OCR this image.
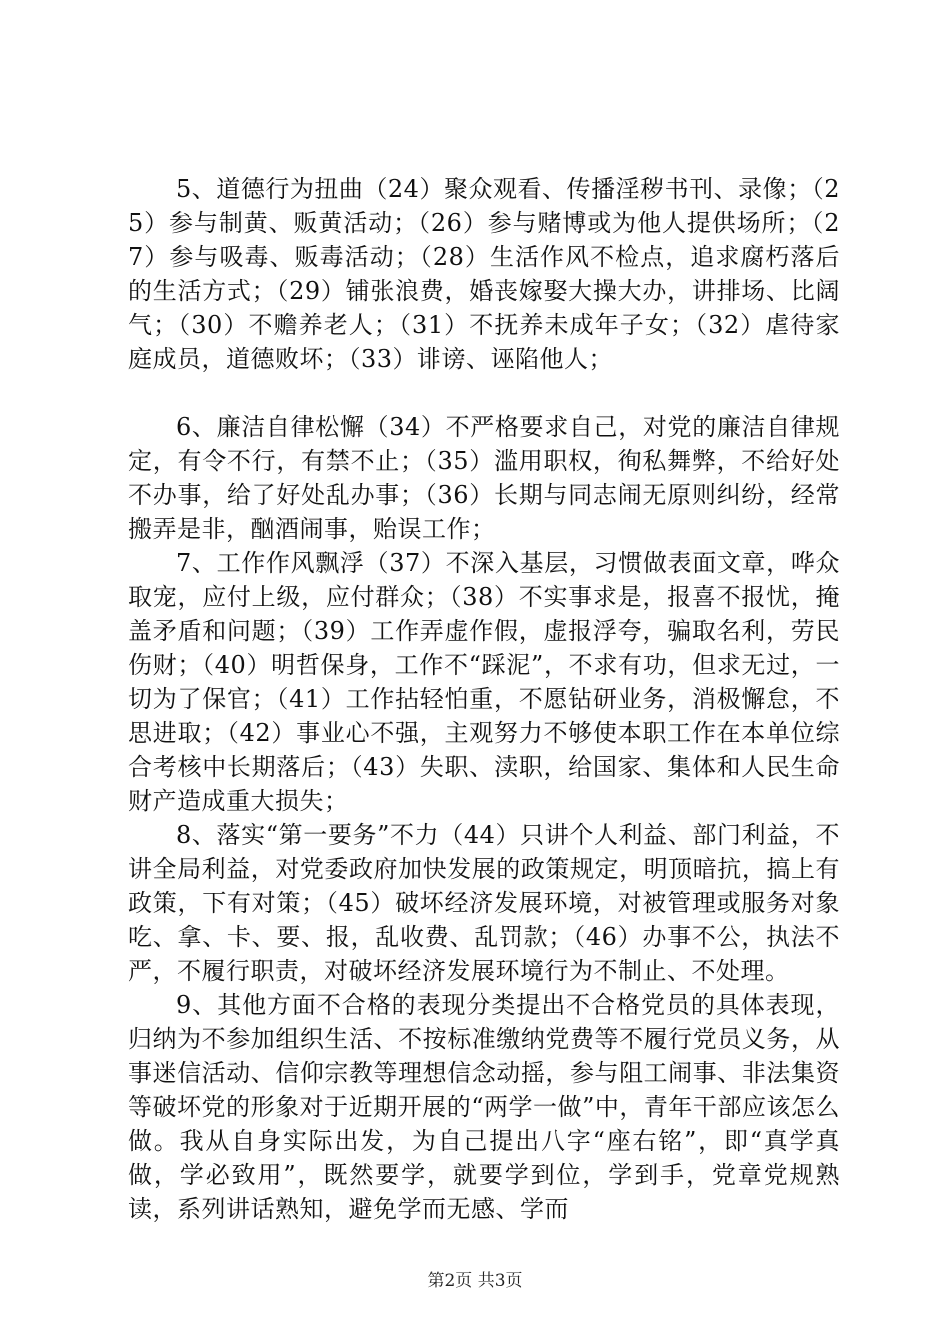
5、道德行为扭曲（24）聚众观看、传播淫秽书刊、录像；（25）参与制黄、贩黄活动；（26）参与赌博或为他人提供场所；（27）参与吸毒、贩毒活动；（28）生活作风不检点，追求腐朽落后的生活方式；（29）铺张浪费，婚丧嫁娶大操大办，讲排场、比阔气；（30）不赡养老人；（31）不抚养未成年子女；（32）虐待家庭成员，道德败坏；（33）诽谤、诬陷他人；

6、廉洁自律松懈（34）不严格要求自己，对党的廉洁自律规定，有令不行，有禁不止；（35）滥用职权，徇私舞弊，不给好处不办事，给了好处乱办事；（36）长期与同志闹无原则纠纷，经常搬弄是非，酗酒闹事，贻误工作；

7、工作作风飘浮（37）不深入基层，习惯做表面文章，哗众取宠，应付上级，应付群众；（38）不实事求是，报喜不报忧，掩盖矛盾和问题；（39）工作弄虚作假，虚报浮夸，骗取名利，劳民伤财；（40）明哲保身，工作不“踩泥”，不求有功，但求无过，一切为了保官；（41）工作拈轻怕重，不愿钻研业务，消极懈怠，不思进取；（42）事业心不强，主观努力不够使本职工作在本单位综合考核中长期落后；（43）失职、渎职，给国家、集体和人民生命财产造成重大损失；

8、落实“第一要务”不力（44）只讲个人利益、部门利益，不讲全局利益，对党委政府加快发展的政策规定，明顶暗抗，搞上有政策，下有对策；（45）破坏经济发展环境，对被管理或服务对象吃、拿、卡、要、报，乱收费、乱罚款；（46）办事不公，执法不严，不履行职责，对破坏经济发展环境行为不制止、不处理。

9、其他方面不合格的表现分类提出不合格党员的具体表现，归纳为不参加组织生活、不按标准缴纳党费等不履行党员义务，从事迷信活动、信仰宗教等理想信念动摇，参与阻工闹事、非法集资等破坏党的形象对于近期开展的“两学一做”中，青年干部应该怎么做。我从自身实际出发，为自己提出八字“座右铭”，即“真学真做，学必致用”，既然要学，就要学到位，学到手，党章党规熟读，系列讲话熟知，避免学而无感、学而

第2页 共3页
